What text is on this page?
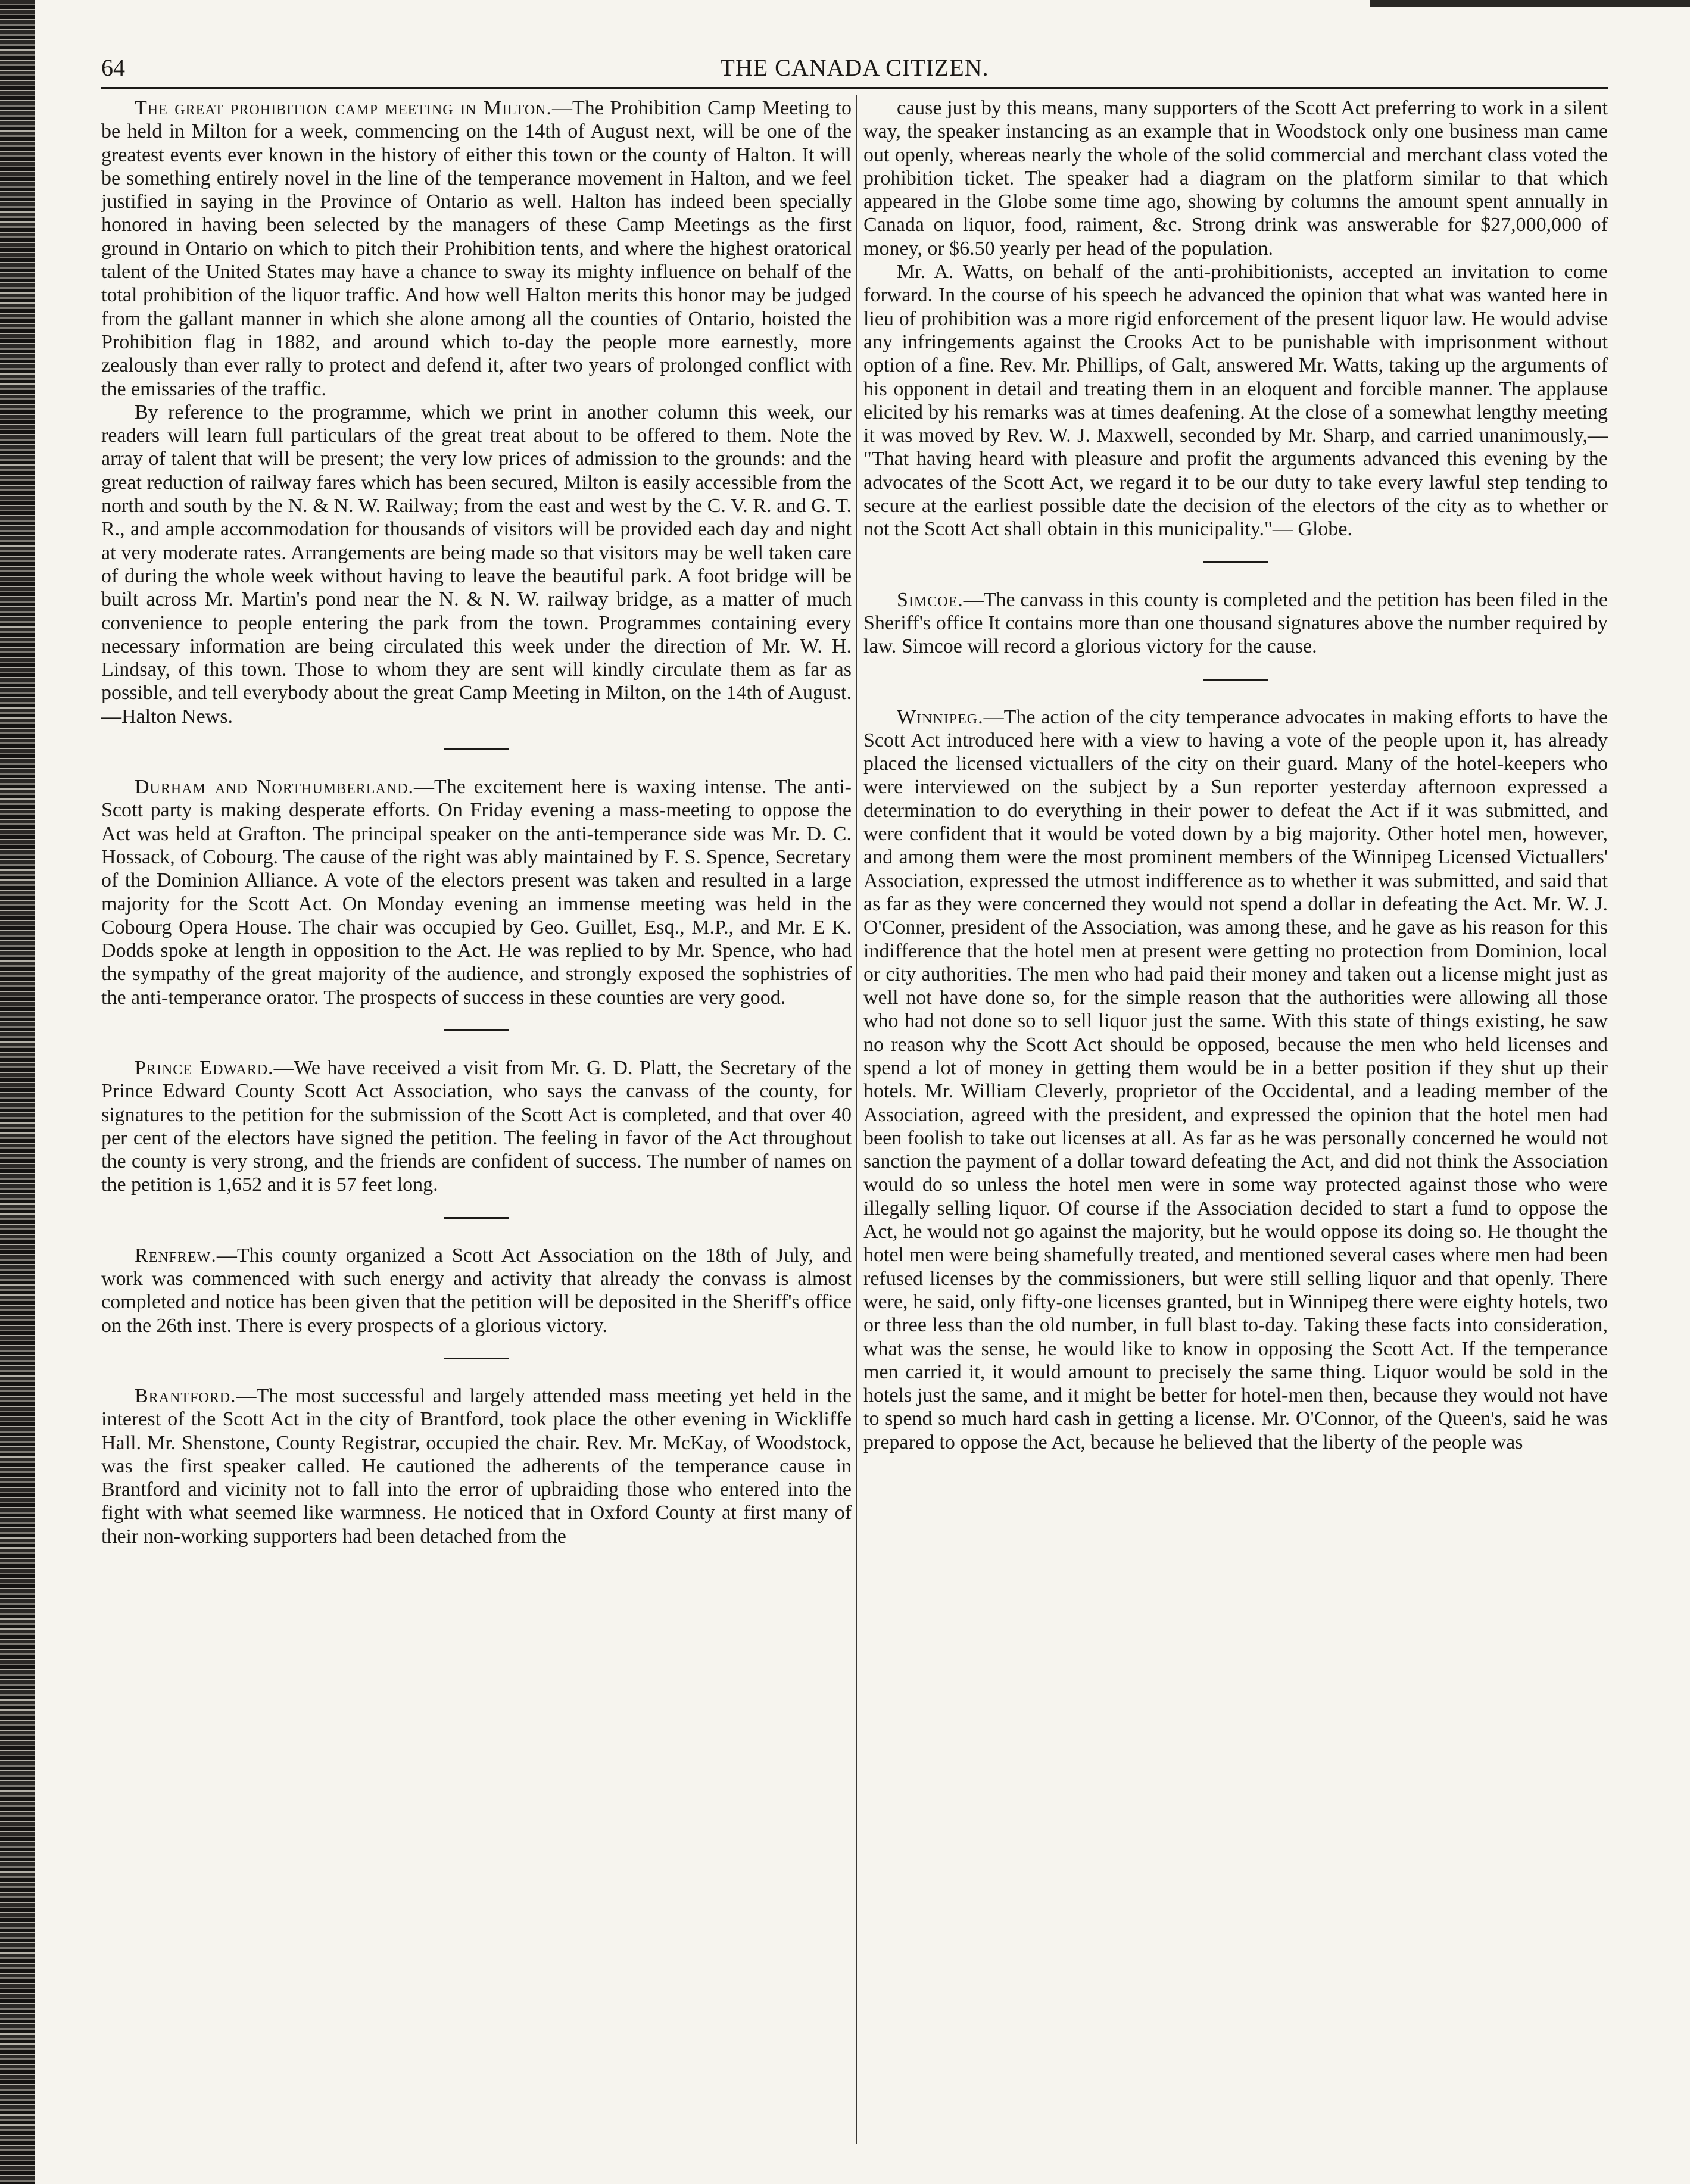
64	THE CANADA CITIZEN.

The great prohibition camp meeting in Milton.—The Prohibition Camp Meeting to be held in Milton for a week, commencing on the 14th of August next, will be one of the greatest events ever known in the history of either this town or the county of Halton. It will be something entirely novel in the line of the temperance movement in Halton, and we feel justified in saying in the Province of Ontario as well. Halton has indeed been specially honored in having been selected by the managers of these Camp Meetings as the first ground in Ontario on which to pitch their Prohibition tents, and where the highest oratorical talent of the United States may have a chance to sway its mighty influence on behalf of the total prohibition of the liquor traffic. And how well Halton merits this honor may be judged from the gallant manner in which she alone among all the counties of Ontario, hoisted the Prohibition flag in 1882, and around which to-day the people more earnestly, more zealously than ever rally to protect and defend it, after two years of prolonged conflict with the emissaries of the traffic.

By reference to the programme, which we print in another column this week, our readers will learn full particulars of the great treat about to be offered to them. Note the array of talent that will be present; the very low prices of admission to the grounds: and the great reduction of railway fares which has been secured, Milton is easily accessible from the north and south by the N. & N. W. Railway; from the east and west by the C. V. R. and G. T. R., and ample accommodation for thousands of visitors will be provided each day and night at very moderate rates. Arrangements are being made so that visitors may be well taken care of during the whole week without having to leave the beautiful park. A foot bridge will be built across Mr. Martin's pond near the N. & N. W. railway bridge, as a matter of much convenience to people entering the park from the town. Programmes containing every necessary information are being circulated this week under the direction of Mr. W. H. Lindsay, of this town. Those to whom they are sent will kindly circulate them as far as possible, and tell everybody about the great Camp Meeting in Milton, on the 14th of August.—Halton News.

Durham and Northumberland.—The excitement here is waxing intense. The anti-Scott party is making desperate efforts. On Friday evening a mass-meeting to oppose the Act was held at Grafton. The principal speaker on the anti-temperance side was Mr. D. C. Hossack, of Cobourg. The cause of the right was ably maintained by F. S. Spence, Secretary of the Dominion Alliance. A vote of the electors present was taken and resulted in a large majority for the Scott Act. On Monday evening an immense meeting was held in the Cobourg Opera House. The chair was occupied by Geo. Guillet, Esq., M.P., and Mr. E K. Dodds spoke at length in opposition to the Act. He was replied to by Mr. Spence, who had the sympathy of the great majority of the audience, and strongly exposed the sophistries of the anti-temperance orator. The prospects of success in these counties are very good.

Prince Edward.—We have received a visit from Mr. G. D. Platt, the Secretary of the Prince Edward County Scott Act Association, who says the canvass of the county, for signatures to the petition for the submission of the Scott Act is completed, and that over 40 per cent of the electors have signed the petition. The feeling in favor of the Act throughout the county is very strong, and the friends are confident of success. The number of names on the petition is 1,652 and it is 57 feet long.

Renfrew.—This county organized a Scott Act Association on the 18th of July, and work was commenced with such energy and activity that already the convass is almost completed and notice has been given that the petition will be deposited in the Sheriff's office on the 26th inst. There is every prospects of a glorious victory.

Brantford.—The most successful and largely attended mass meeting yet held in the interest of the Scott Act in the city of Brantford, took place the other evening in Wickliffe Hall. Mr. Shenstone, County Registrar, occupied the chair. Rev. Mr. McKay, of Woodstock, was the first speaker called. He cautioned the adherents of the temperance cause in Brantford and vicinity not to fall into the error of upbraiding those who entered into the fight with what seemed like warmness. He noticed that in Oxford County at first many of their non-working supporters had been detached from the

cause just by this means, many supporters of the Scott Act preferring to work in a silent way, the speaker instancing as an example that in Woodstock only one business man came out openly, whereas nearly the whole of the solid commercial and merchant class voted the prohibition ticket. The speaker had a diagram on the platform similar to that which appeared in the Globe some time ago, showing by columns the amount spent annually in Canada on liquor, food, raiment, &c. Strong drink was answerable for $27,000,000 of money, or $6.50 yearly per head of the population.

Mr. A. Watts, on behalf of the anti-prohibitionists, accepted an invitation to come forward. In the course of his speech he advanced the opinion that what was wanted here in lieu of prohibition was a more rigid enforcement of the present liquor law. He would advise any infringements against the Crooks Act to be punishable with imprisonment without option of a fine. Rev. Mr. Phillips, of Galt, answered Mr. Watts, taking up the arguments of his opponent in detail and treating them in an eloquent and forcible manner. The applause elicited by his remarks was at times deafening. At the close of a somewhat lengthy meeting it was moved by Rev. W. J. Maxwell, seconded by Mr. Sharp, and carried unanimously,— "That having heard with pleasure and profit the arguments advanced this evening by the advocates of the Scott Act, we regard it to be our duty to take every lawful step tending to secure at the earliest possible date the decision of the electors of the city as to whether or not the Scott Act shall obtain in this municipality."— Globe.

Simcoe.—The canvass in this county is completed and the petition has been filed in the Sheriff's office It contains more than one thousand signatures above the number required by law. Simcoe will record a glorious victory for the cause.

Winnipeg.—The action of the city temperance advocates in making efforts to have the Scott Act introduced here with a view to having a vote of the people upon it, has already placed the licensed victuallers of the city on their guard. Many of the hotel-keepers who were interviewed on the subject by a Sun reporter yesterday afternoon expressed a determination to do everything in their power to defeat the Act if it was submitted, and were confident that it would be voted down by a big majority. Other hotel men, however, and among them were the most prominent members of the Winnipeg Licensed Victuallers' Association, expressed the utmost indifference as to whether it was submitted, and said that as far as they were concerned they would not spend a dollar in defeating the Act. Mr. W. J. O'Conner, president of the Association, was among these, and he gave as his reason for this indifference that the hotel men at present were getting no protection from Dominion, local or city authorities. The men who had paid their money and taken out a license might just as well not have done so, for the simple reason that the authorities were allowing all those who had not done so to sell liquor just the same. With this state of things existing, he saw no reason why the Scott Act should be opposed, because the men who held licenses and spend a lot of money in getting them would be in a better position if they shut up their hotels. Mr. William Cleverly, proprietor of the Occidental, and a leading member of the Association, agreed with the president, and expressed the opinion that the hotel men had been foolish to take out licenses at all. As far as he was personally concerned he would not sanction the payment of a dollar toward defeating the Act, and did not think the Association would do so unless the hotel men were in some way protected against those who were illegally selling liquor. Of course if the Association decided to start a fund to oppose the Act, he would not go against the majority, but he would oppose its doing so. He thought the hotel men were being shamefully treated, and mentioned several cases where men had been refused licenses by the commissioners, but were still selling liquor and that openly. There were, he said, only fifty-one licenses granted, but in Winnipeg there were eighty hotels, two or three less than the old number, in full blast to-day. Taking these facts into consideration, what was the sense, he would like to know in opposing the Scott Act. If the temperance men carried it, it would amount to precisely the same thing. Liquor would be sold in the hotels just the same, and it might be better for hotel-men then, because they would not have to spend so much hard cash in getting a license. Mr. O'Connor, of the Queen's, said he was prepared to oppose the Act, because he believed that the liberty of the people was
